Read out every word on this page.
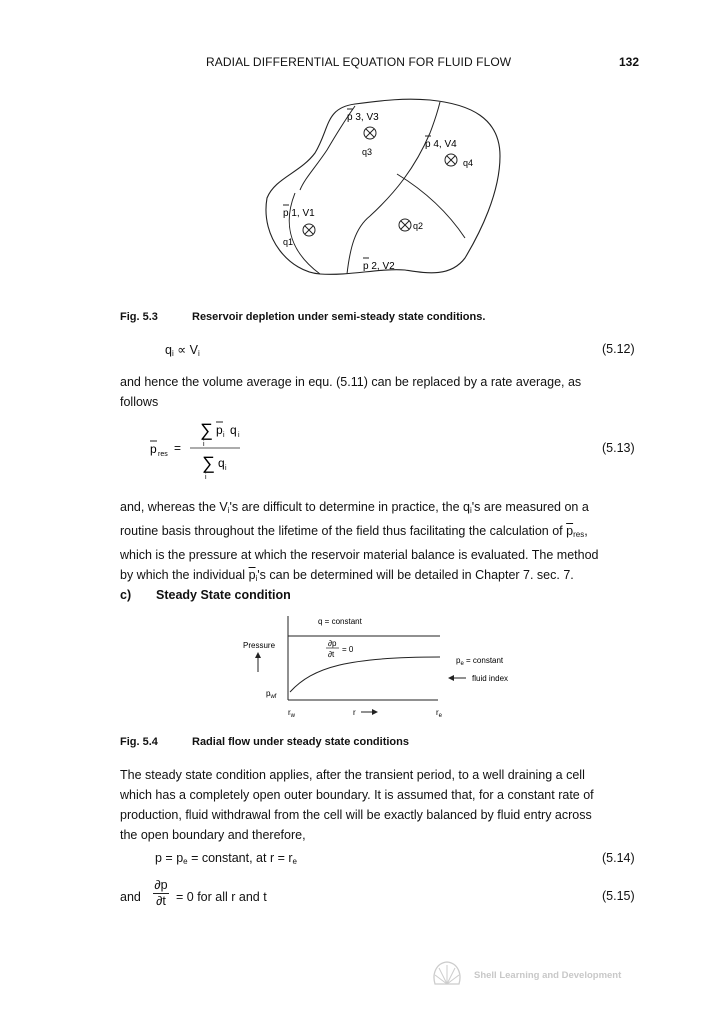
RADIAL DIFFERENTIAL EQUATION FOR FLUID FLOW	132
p 3, V3
q3
p 4, V4
q4
p 1, V1
q1
p 2, V2
q2
Fig. 5.3	Reservoir depletion under semi-steady state conditions.
$q_i \propto V_i$	(5.12)
and hence the volume average in equ. (5.11) can be replaced by a rate average, as
follows
∑ p i q i
i
p res =
∑ q i
i
(5.13)
and, whereas the $V_i's$ are difficult to determine in practice, the $q_i's$ are measured on a
routine basis throughout the lifetime of the field thus facilitating the calculation of $\overline{p}_{res}$,
which is the pressure at which the reservoir material balance is evaluated. The method
by which the individual $\overline{p}_i's$ can be determined will be detailed in Chapter 7. sec. 7.
c) Steady State condition
q = constant
Pressure	∂p
∂t
= 0
$p_e$ = constant
fluid index
$p_{wf}$
$r_w$	r	$r_e$
Fig. 5.4	Radial flow under steady state conditions
The steady state condition applies, after the transient period, to a well draining a cell
which has a completely open outer boundary. It is assumed that, for a constant rate of
production, fluid withdrawal from the cell will be exactly balanced by fluid entry across
the open boundary and therefore,
$p = p_e$ = constant, at $r = r_e$	(5.14)
and
∂p
∂t = 0 for all r and t	(5.15)
Shell Learning and Development
